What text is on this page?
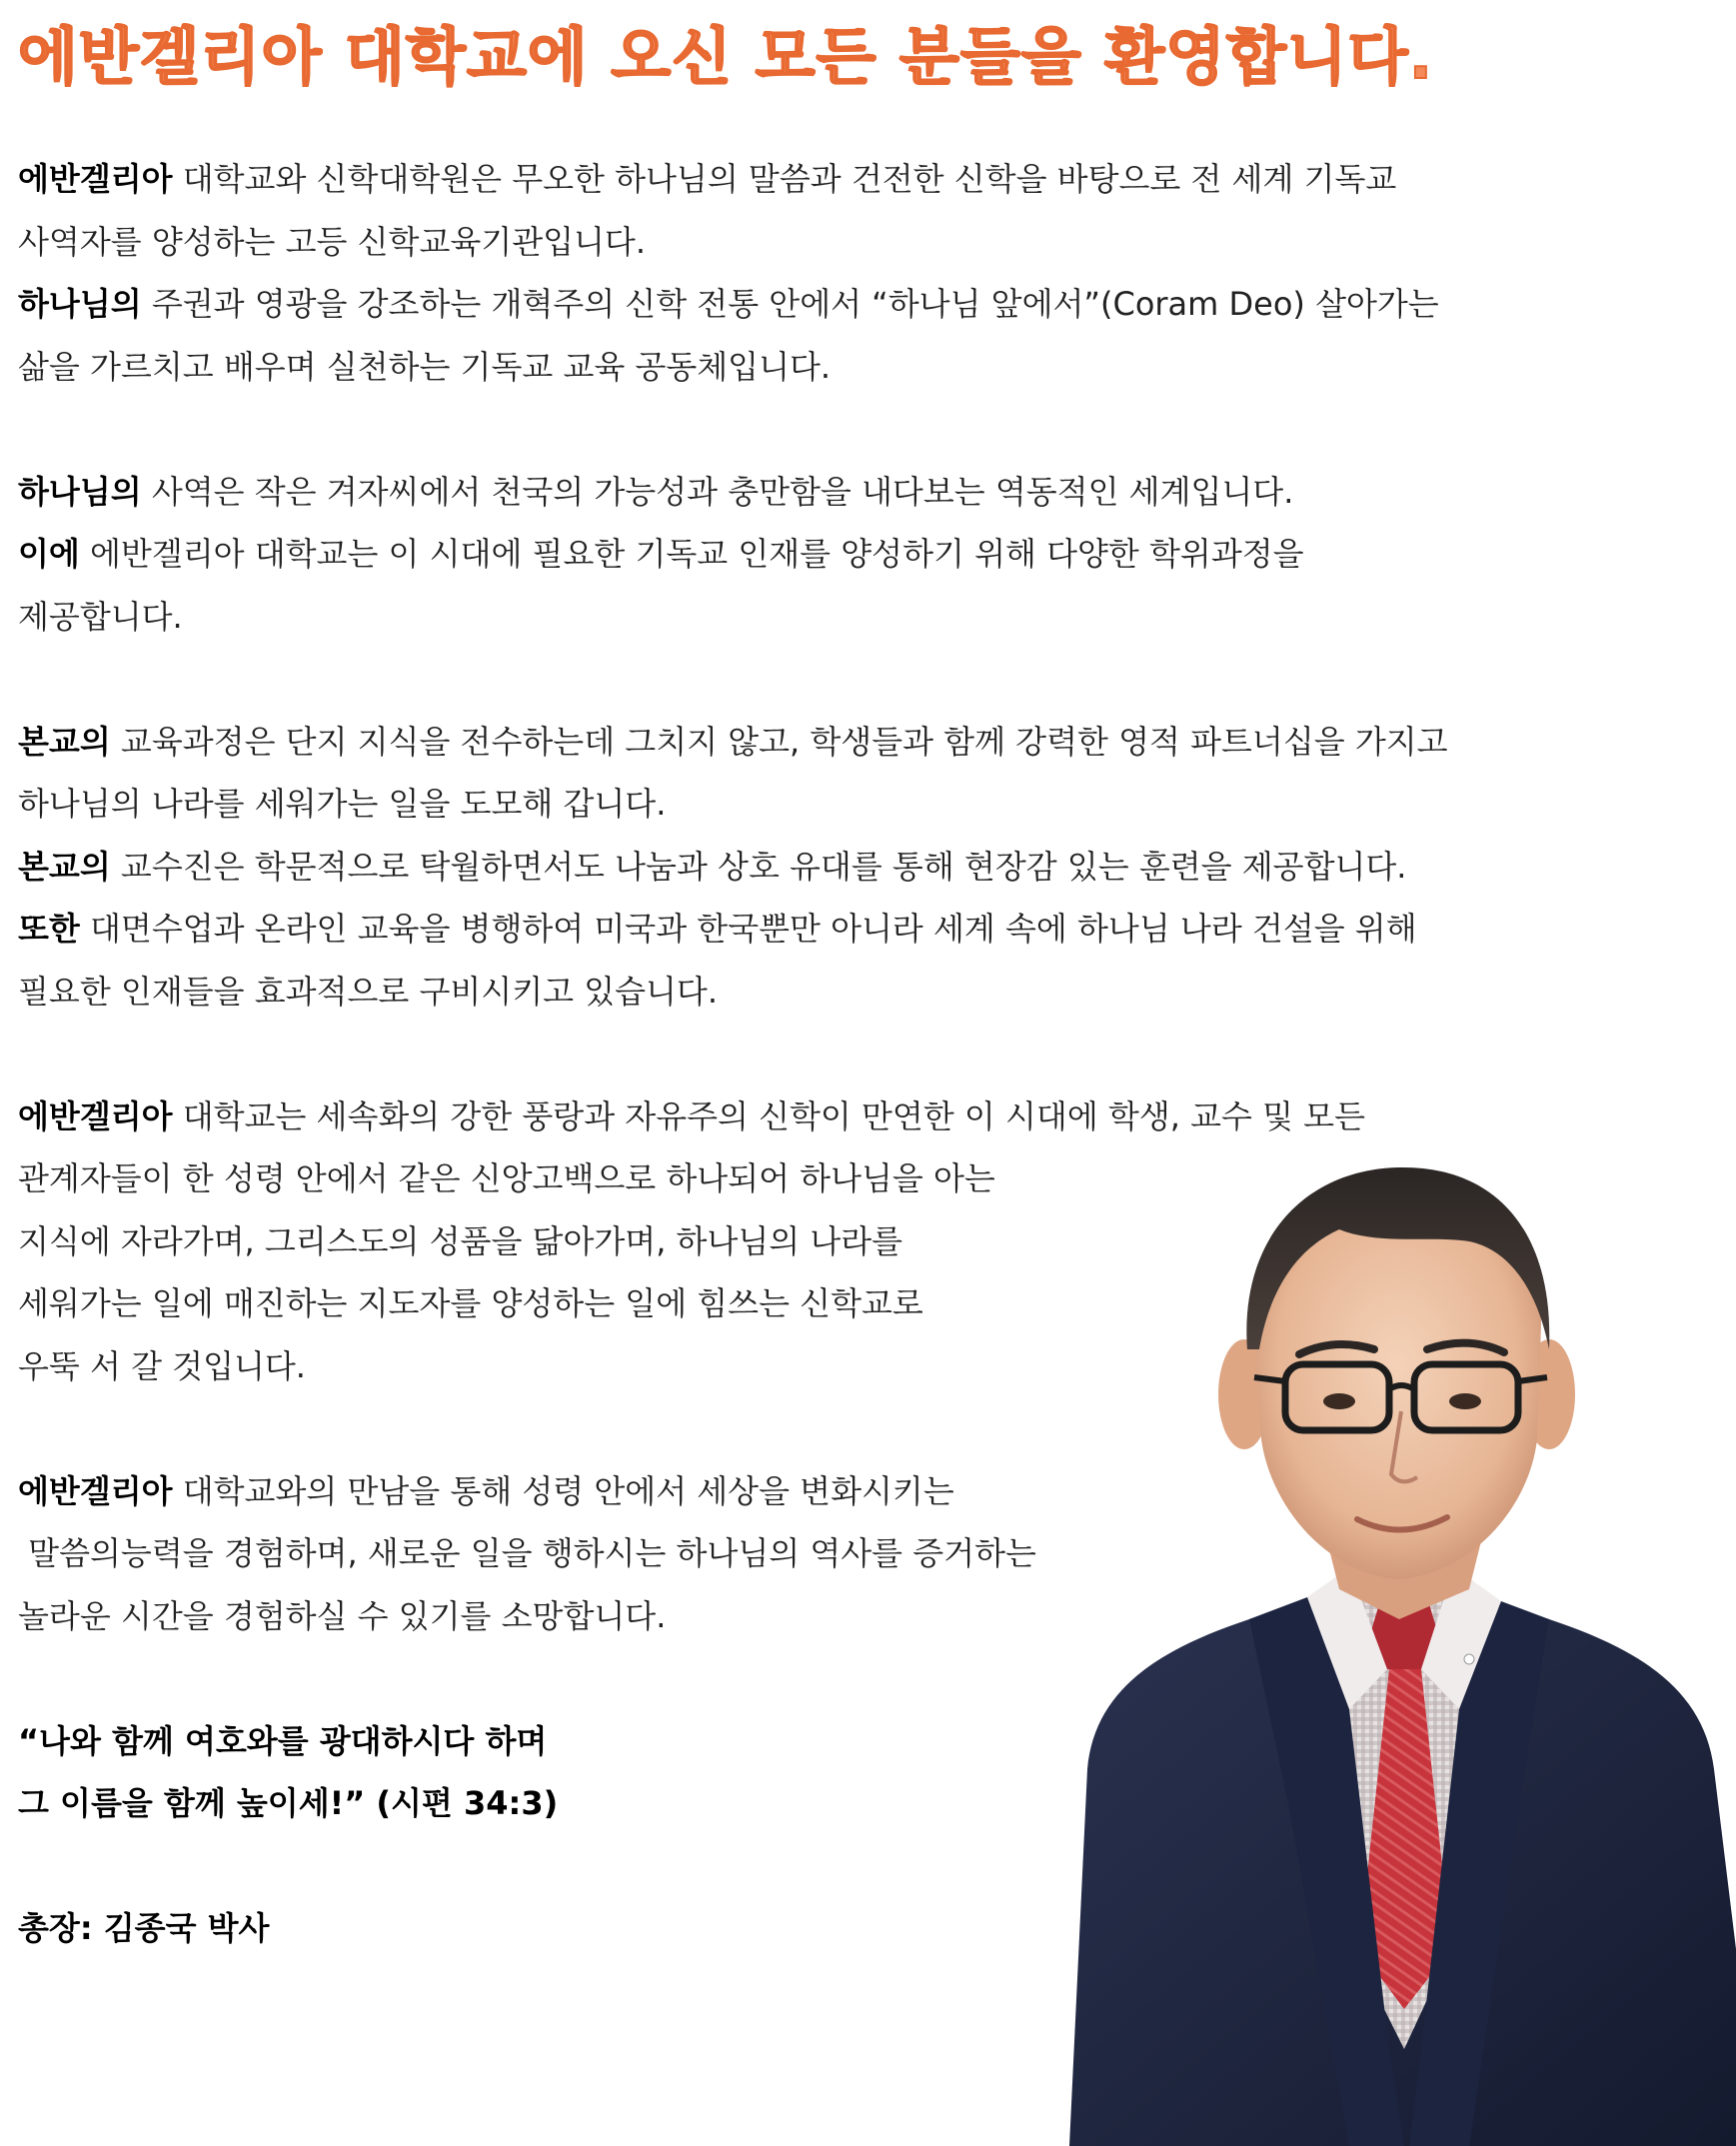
에반겔리아 대학교에 오신 모든 분들을 환영합니다.
에반겔리아 대학교와 신학대학원은 무오한 하나님의 말씀과 건전한 신학을 바탕으로 전 세계 기독교
사역자를 양성하는 고등 신학교육기관입니다.
하나님의 주권과 영광을 강조하는 개혁주의 신학 전통 안에서 “하나님 앞에서”(Coram Deo) 살아가는
삶을 가르치고 배우며 실천하는 기독교 교육 공동체입니다.
하나님의 사역은 작은 겨자씨에서 천국의 가능성과 충만함을 내다보는 역동적인 세계입니다.
이에 에반겔리아 대학교는 이 시대에 필요한 기독교 인재를 양성하기 위해 다양한 학위과정을
제공합니다.
본교의 교육과정은 단지 지식을 전수하는데 그치지 않고, 학생들과 함께 강력한 영적 파트너십을 가지고
하나님의 나라를 세워가는 일을 도모해 갑니다.
본교의 교수진은 학문적으로 탁월하면서도 나눔과 상호 유대를 통해 현장감 있는 훈련을 제공합니다.
또한 대면수업과 온라인 교육을 병행하여 미국과 한국뿐만 아니라 세계 속에 하나님 나라 건설을 위해
필요한 인재들을 효과적으로 구비시키고 있습니다.
에반겔리아 대학교는 세속화의 강한 풍랑과 자유주의 신학이 만연한 이 시대에 학생, 교수 및 모든
관계자들이 한 성령 안에서 같은 신앙고백으로 하나되어 하나님을 아는
지식에 자라가며, 그리스도의 성품을 닮아가며, 하나님의 나라를
세워가는 일에 매진하는 지도자를 양성하는 일에 힘쓰는 신학교로
우뚝 서 갈 것입니다.
에반겔리아 대학교와의 만남을 통해 성령 안에서 세상을 변화시키는
말씀의능력을 경험하며, 새로운 일을 행하시는 하나님의 역사를 증거하는
놀라운 시간을 경험하실 수 있기를 소망합니다.
“나와 함께 여호와를 광대하시다 하며
그 이름을 함께 높이세!” (시편 34:3)
총장: 김종국 박사
